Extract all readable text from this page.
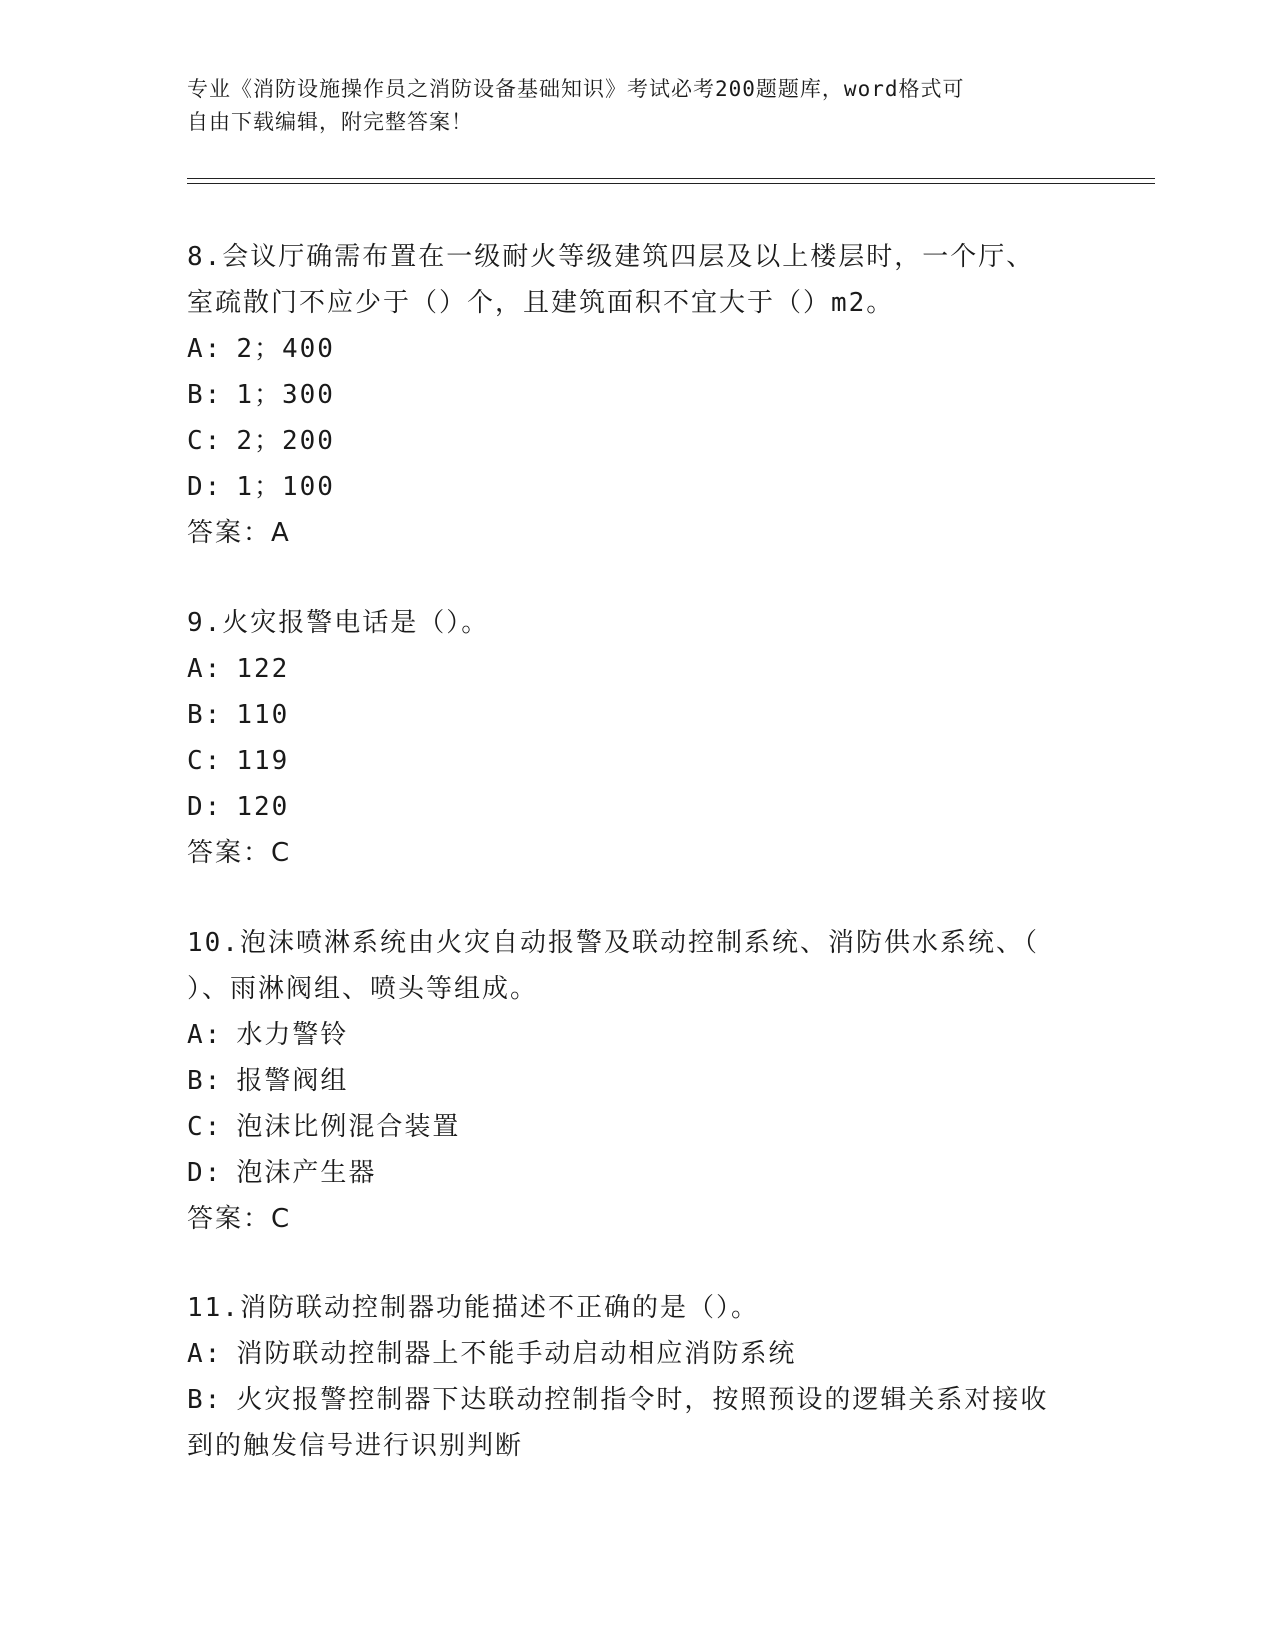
专业《消防设施操作员之消防设备基础知识》考试必考200题题库，word格式可
自由下载编辑，附完整答案！
8.会议厅确需布置在一级耐火等级建筑四层及以上楼层时，一个厅、
室疏散门不应少于（）个，且建筑面积不宜大于（）m2。
A: 2；400
B: 1；300
C: 2；200
D: 1；100
答案：A
9.火灾报警电话是（）。
A: 122
B: 110
C: 119
D: 120
答案：C
10.泡沫喷淋系统由火灾自动报警及联动控制系统、消防供水系统、（
）、雨淋阀组、喷头等组成。
A: 水力警铃
B: 报警阀组
C: 泡沫比例混合装置
D: 泡沫产生器
答案：C
11.消防联动控制器功能描述不正确的是（）。
A: 消防联动控制器上不能手动启动相应消防系统
B: 火灾报警控制器下达联动控制指令时，按照预设的逻辑关系对接收
到的触发信号进行识别判断
